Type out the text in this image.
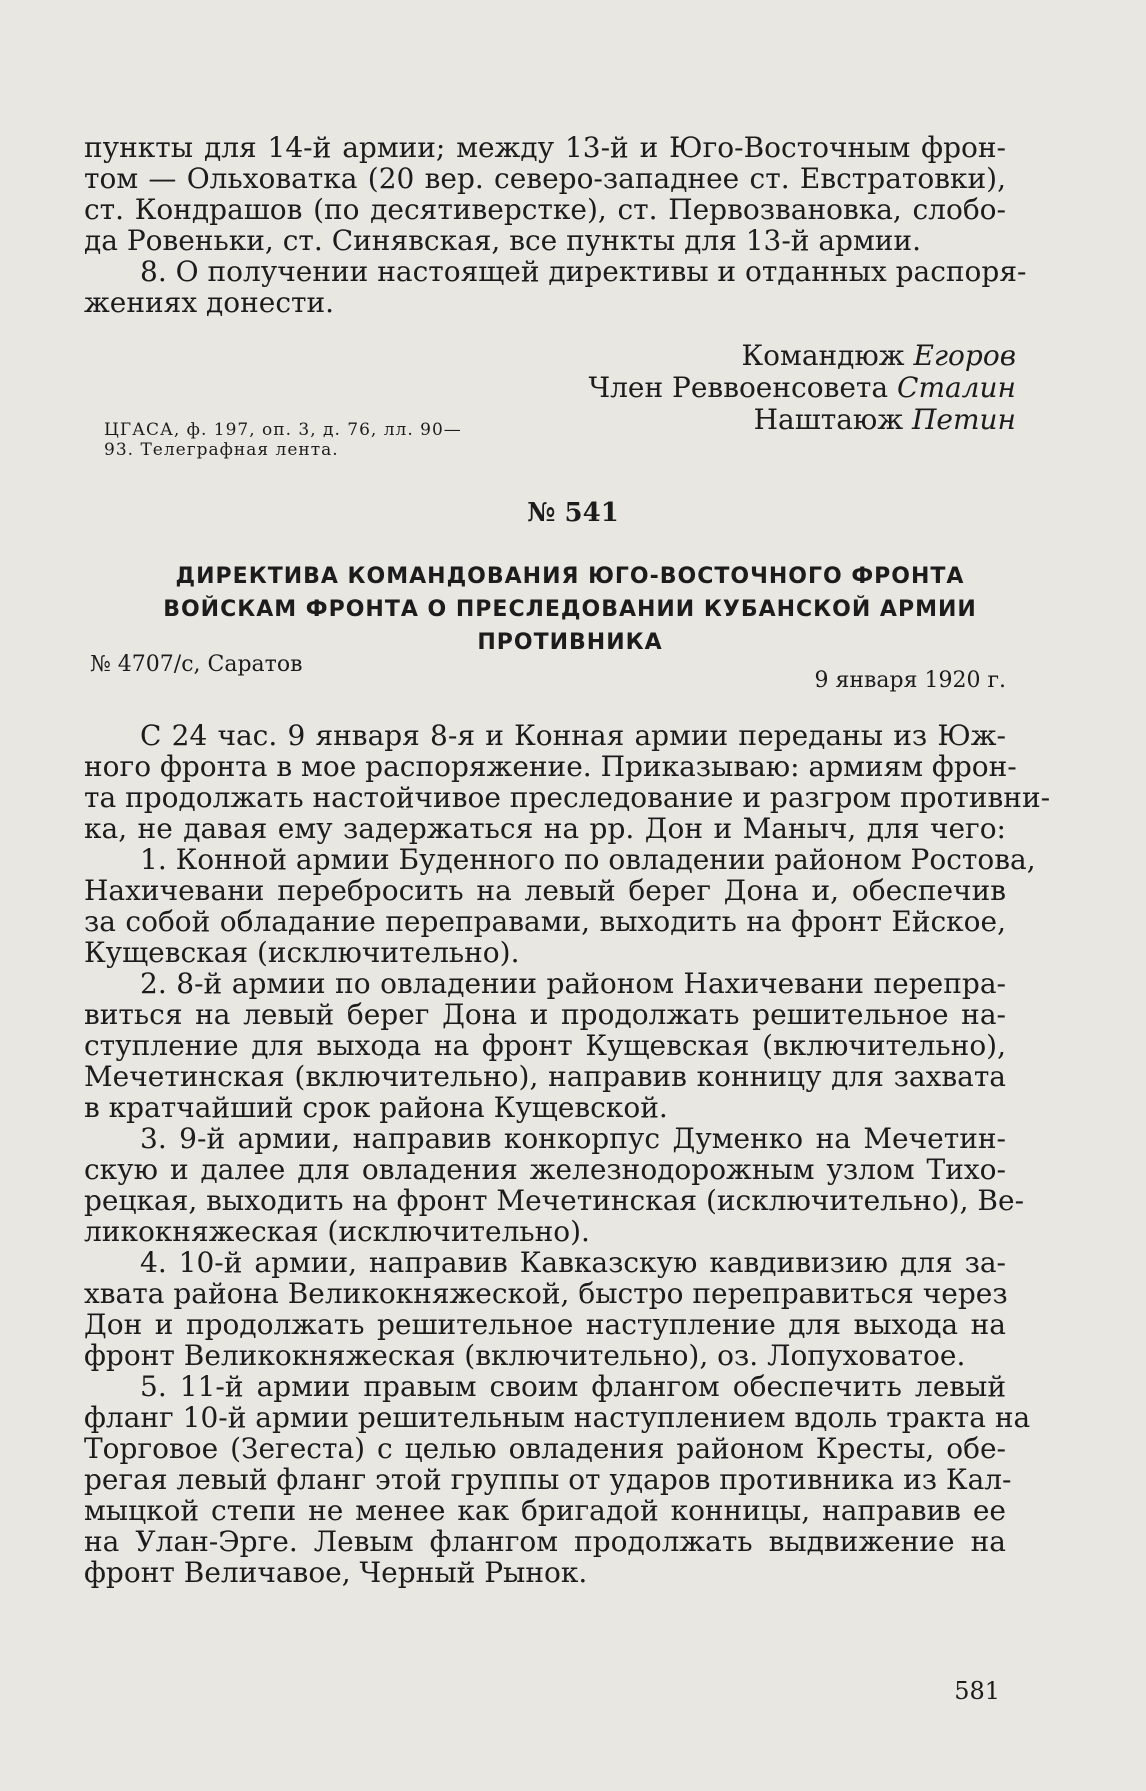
пункты для 14-й армии; между 13-й и Юго-Восточным фрон-
том — Ольховатка (20 вер. северо-западнее ст. Евстратовки),
ст. Кондрашов (по десятиверстке), ст. Первозвановка, слобо-
да Ровеньки, ст. Синявская, все пункты для 13-й армии.
8. О получении настоящей директивы и отданных распоря-
жениях донести.
Командюж Егоров
Член Реввоенсовета Сталин
Наштаюж Петин
ЦГАСА, ф. 197, оп. 3, д. 76, лл. 90—
93. Телеграфная лента.
№ 541
ДИРЕКТИВА КОМАНДОВАНИЯ ЮГО-ВОСТОЧНОГО ФРОНТА
ВОЙСКАМ ФРОНТА О ПРЕСЛЕДОВАНИИ КУБАНСКОЙ АРМИИ
ПРОТИВНИКА
№ 4707/с, Саратов
9 января 1920 г.
С 24 час. 9 января 8-я и Конная армии переданы из Юж-
ного фронта в мое распоряжение. Приказываю: армиям фрон-
та продолжать настойчивое преследование и разгром противни-
ка, не давая ему задержаться на рр. Дон и Маныч, для чего:
1. Конной армии Буденного по овладении районом Ростова,
Нахичевани перебросить на левый берег Дона и, обеспечив
за собой обладание переправами, выходить на фронт Ейское,
Кущевская (исключительно).
2. 8-й армии по овладении районом Нахичевани перепра-
виться на левый берег Дона и продолжать решительное на-
ступление для выхода на фронт Кущевская (включительно),
Мечетинская (включительно), направив конницу для захвата
в кратчайший срок района Кущевской.
3. 9-й армии, направив конкорпус Думенко на Мечетин-
скую и далее для овладения железнодорожным узлом Тихо-
рецкая, выходить на фронт Мечетинская (исключительно), Ве-
ликокняжеская (исключительно).
4. 10-й армии, направив Кавказскую кавдивизию для за-
хвата района Великокняжеской, быстро переправиться через
Дон и продолжать решительное наступление для выхода на
фронт Великокняжеская (включительно), оз. Лопуховатое.
5. 11-й армии правым своим флангом обеспечить левый
фланг 10-й армии решительным наступлением вдоль тракта на
Торговое (Зегеста) с целью овладения районом Кресты, обе-
регая левый фланг этой группы от ударов противника из Кал-
мыцкой степи не менее как бригадой конницы, направив ее
на Улан-Эрге. Левым флангом продолжать выдвижение на
фронт Величавое, Черный Рынок.
581
